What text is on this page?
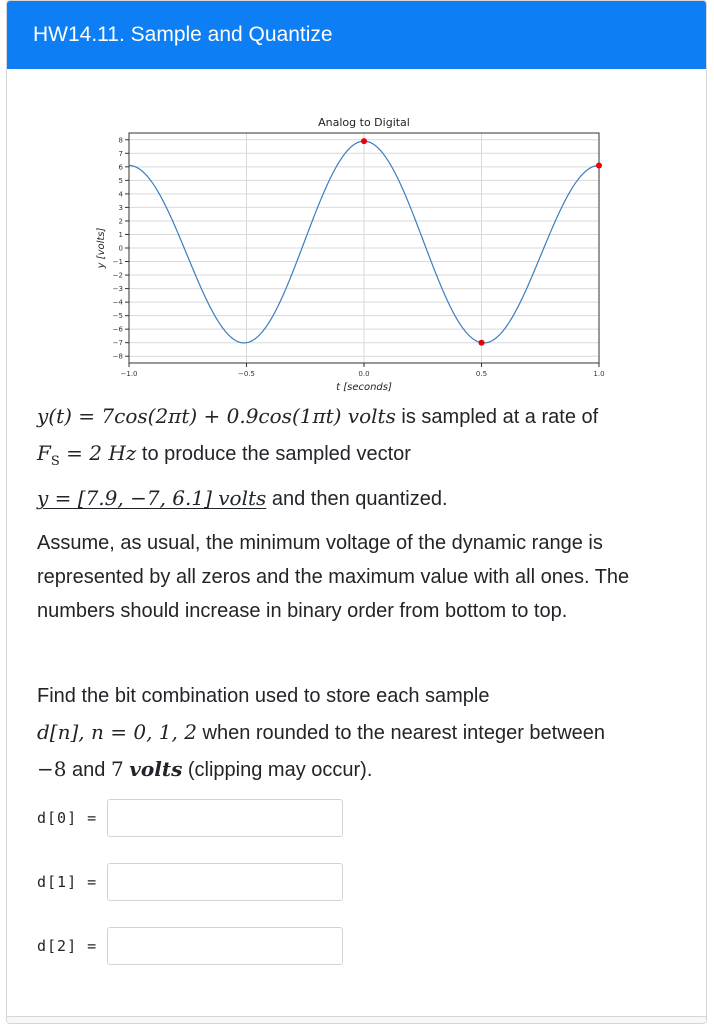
HW14.11. Sample and Quantize
−1.0	−0.5	0.0	0.5	1.0
8
7
6
5
4
3
2
1
0
−1
−2
−3
−4
−5
−6
−7
−8
Analog to Digital
t [seconds]
y [volts]
y(t) = 7cos(2πt) + 0.9cos(1πt) volts is sampled at a rate of
$F_S = 2$ Hz to produce the sampled vector
y = [7.9, −7, 6.1] volts and then quantized.
Assume, as usual, the minimum voltage of the dynamic range is represented by all zeros and the maximum value with all ones. The numbers should increase in binary order from bottom to top.
Find the bit combination used to store each sample
d[n], n = 0, 1, 2 when rounded to the nearest integer between
−8 and 7 volts (clipping may occur).
d[0] =
d[1] =
d[2] =
